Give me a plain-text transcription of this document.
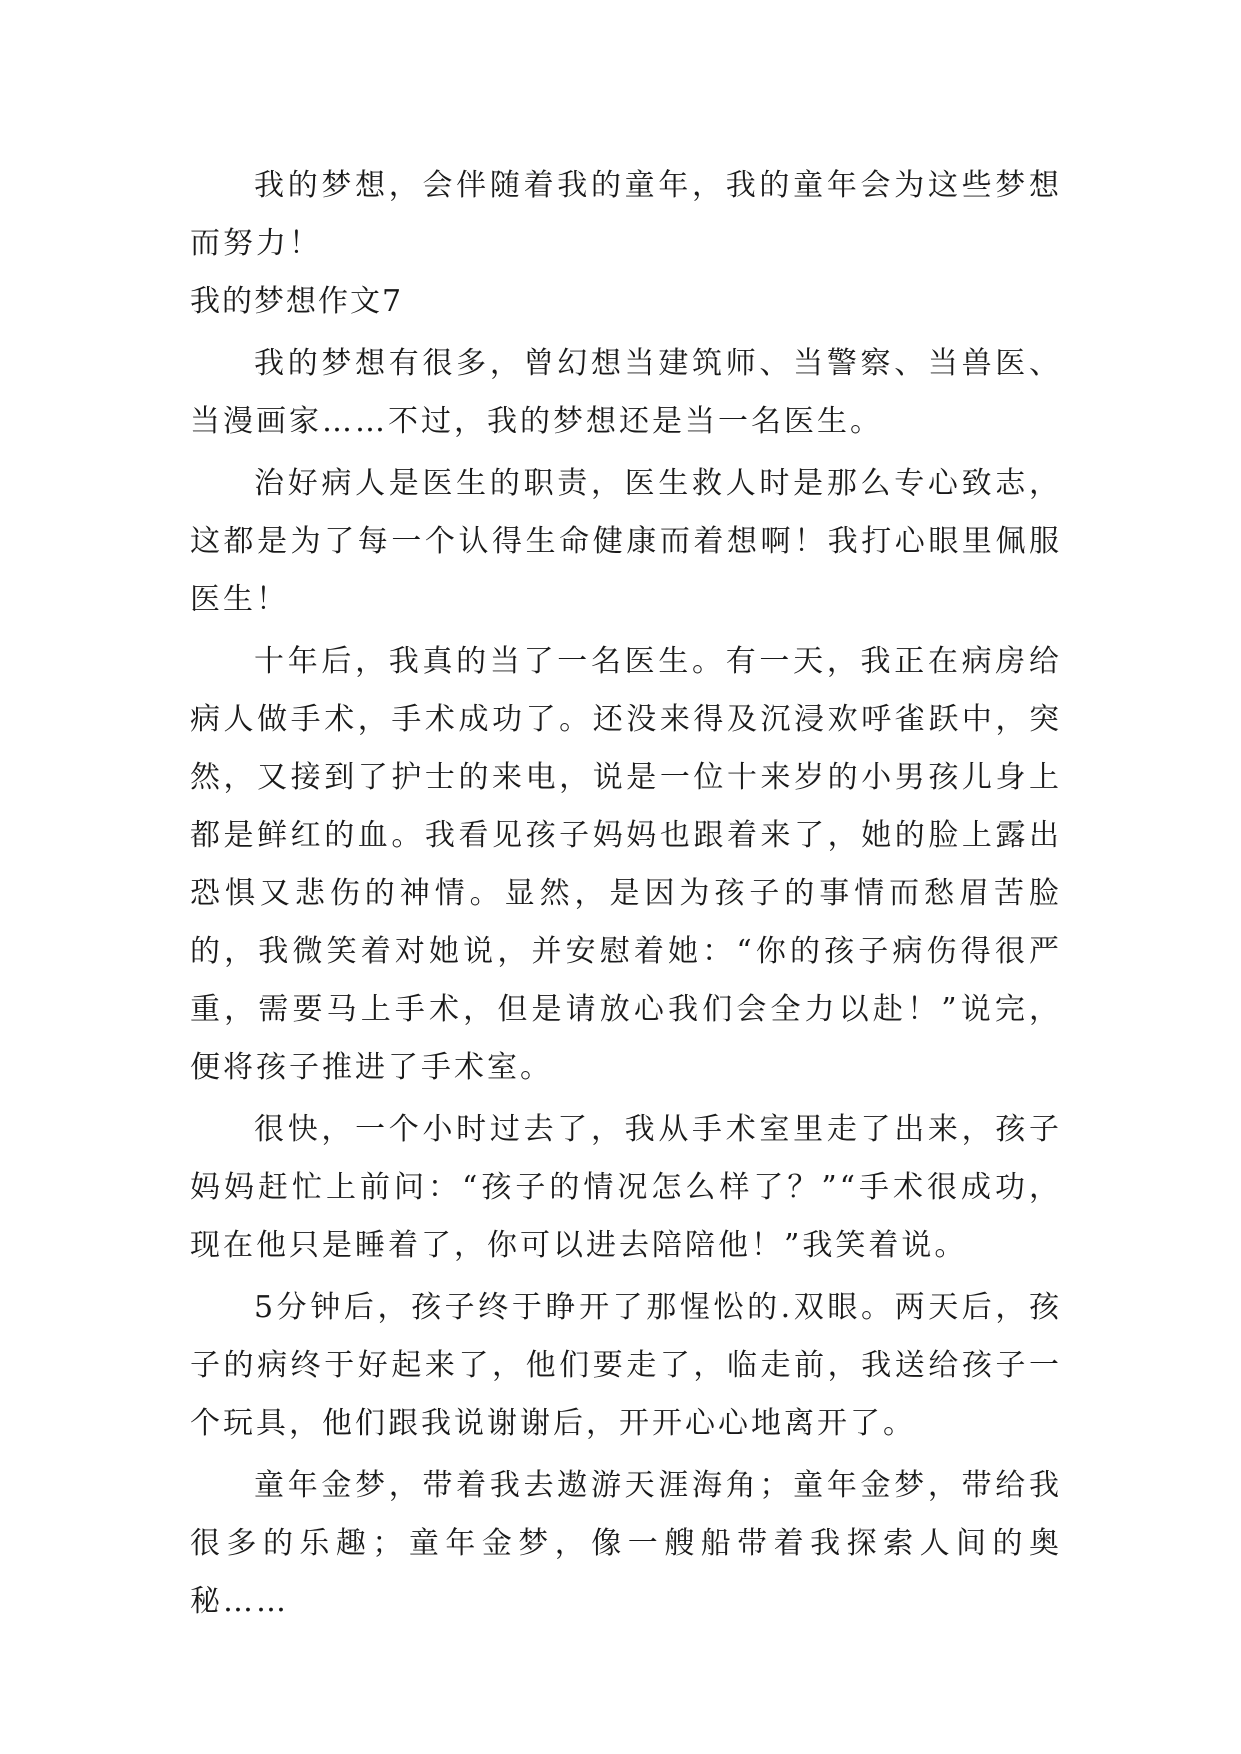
我的梦想，会伴随着我的童年，我的童年会为这些梦想而努力！

我的梦想作文7

我的梦想有很多，曾幻想当建筑师、当警察、当兽医、当漫画家……不过，我的梦想还是当一名医生。

治好病人是医生的职责，医生救人时是那么专心致志，这都是为了每一个认得生命健康而着想啊！我打心眼里佩服医生！

十年后，我真的当了一名医生。有一天，我正在病房给病人做手术，手术成功了。还没来得及沉浸欢呼雀跃中，突然，又接到了护士的来电，说是一位十来岁的小男孩儿身上都是鲜红的血。我看见孩子妈妈也跟着来了，她的脸上露出恐惧又悲伤的神情。显然，是因为孩子的事情而愁眉苦脸的，我微笑着对她说，并安慰着她：“你的孩子病伤得很严重，需要马上手术，但是请放心我们会全力以赴！”说完，便将孩子推进了手术室。

很快，一个小时过去了，我从手术室里走了出来，孩子妈妈赶忙上前问：“孩子的情况怎么样了？”“手术很成功，现在他只是睡着了，你可以进去陪陪他！”我笑着说。

5分钟后，孩子终于睁开了那惺忪的.双眼。两天后，孩子的病终于好起来了，他们要走了，临走前，我送给孩子一个玩具，他们跟我说谢谢后，开开心心地离开了。

童年金梦，带着我去遨游天涯海角；童年金梦，带给我很多的乐趣；童年金梦，像一艘船带着我探索人间的奥秘……
